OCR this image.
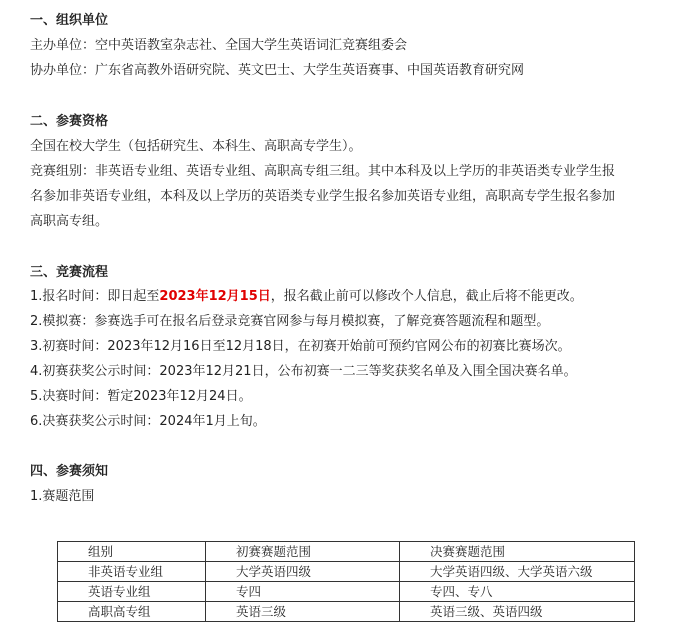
一、组织单位
主办单位：空中英语教室杂志社、全国大学生英语词汇竞赛组委会
协办单位：广东省高教外语研究院、英文巴士、大学生英语赛事、中国英语教育研究网
二、参赛资格
全国在校大学生（包括研究生、本科生、高职高专学生）。
竞赛组别：非英语专业组、英语专业组、高职高专组三组。其中本科及以上学历的非英语类专业学生报
名参加非英语专业组，本科及以上学历的英语类专业学生报名参加英语专业组，高职高专学生报名参加
高职高专组。
三、竞赛流程
1.报名时间：即日起至2023年12月15日，报名截止前可以修改个人信息，截止后将不能更改。
2.模拟赛：参赛选手可在报名后登录竞赛官网参与每月模拟赛，了解竞赛答题流程和题型。
3.初赛时间：2023年12月16日至12月18日，在初赛开始前可预约官网公布的初赛比赛场次。
4.初赛获奖公示时间：2023年12月21日，公布初赛一二三等奖获奖名单及入围全国决赛名单。
5.决赛时间：暂定2023年12月24日。
6.决赛获奖公示时间：2024年1月上旬。
四、参赛须知
1.赛题范围
组别	初赛赛题范围	决赛赛题范围
非英语专业组	大学英语四级	大学英语四级、大学英语六级
英语专业组	专四	专四、专八
高职高专组	英语三级	英语三级、英语四级
